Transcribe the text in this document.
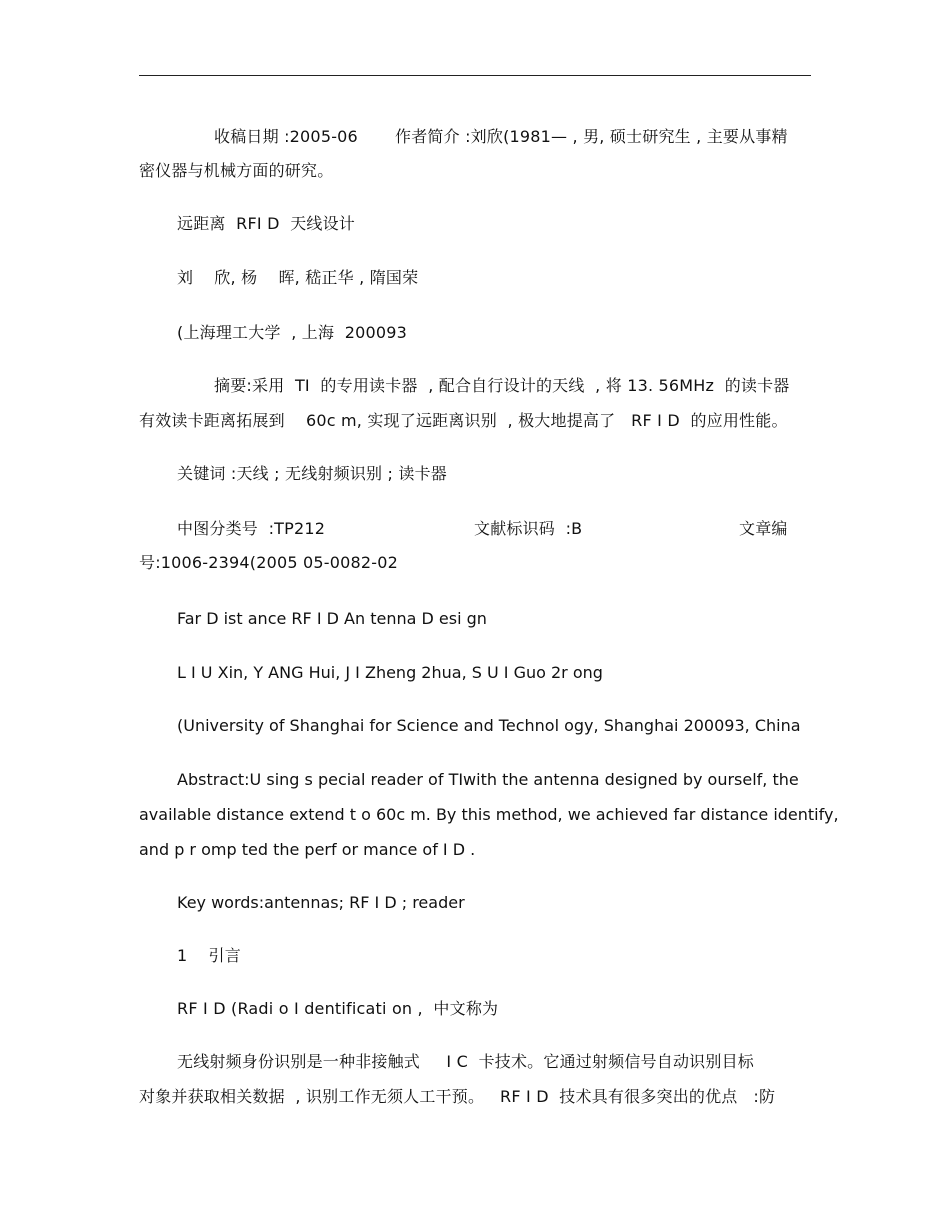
收稿日期 :2005-06 作者简介 :刘欣(1981— , 男, 硕士研究生 , 主要从事精
密仪器与机械方面的研究。
远距离  RFI D  天线设计
刘    欣, 杨    晖, 嵇正华 , 隋国荣
(上海理工大学  , 上海  200093
摘要:采用  TI  的专用读卡器  , 配合自行设计的天线  , 将 13. 56MHz  的读卡器
有效读卡距离拓展到    60c m, 实现了远距离识别  , 极大地提高了   RF I D  的应用性能。
关键词 :天线 ; 无线射频识别 ; 读卡器
中图分类号  :TP212	文献标识码  :B	文章编
号:1006-2394(2005 05-0082-02
Far D ist ance RF I D An tenna D esi gn
L I U Xin, Y ANG Hui, J I Zheng 2hua, S U I Guo 2r ong
(University of Shanghai for Science and Technol ogy, Shanghai 200093, China
Abstract:U sing s pecial reader of TIwith the antenna designed by ourself, the
available distance extend t o 60c m. By this method, we achieved far distance identify,
and p r omp ted the perf or mance of I D .
Key words:antennas; RF I D ; reader
1    引言
RF I D (Radi o I dentificati on ,  中文称为
无线射频身份识别是一种非接触式     I C  卡技术。它通过射频信号自动识别目标
对象并获取相关数据  , 识别工作无须人工干预。   RF I D  技术具有很多突出的优点   :防
